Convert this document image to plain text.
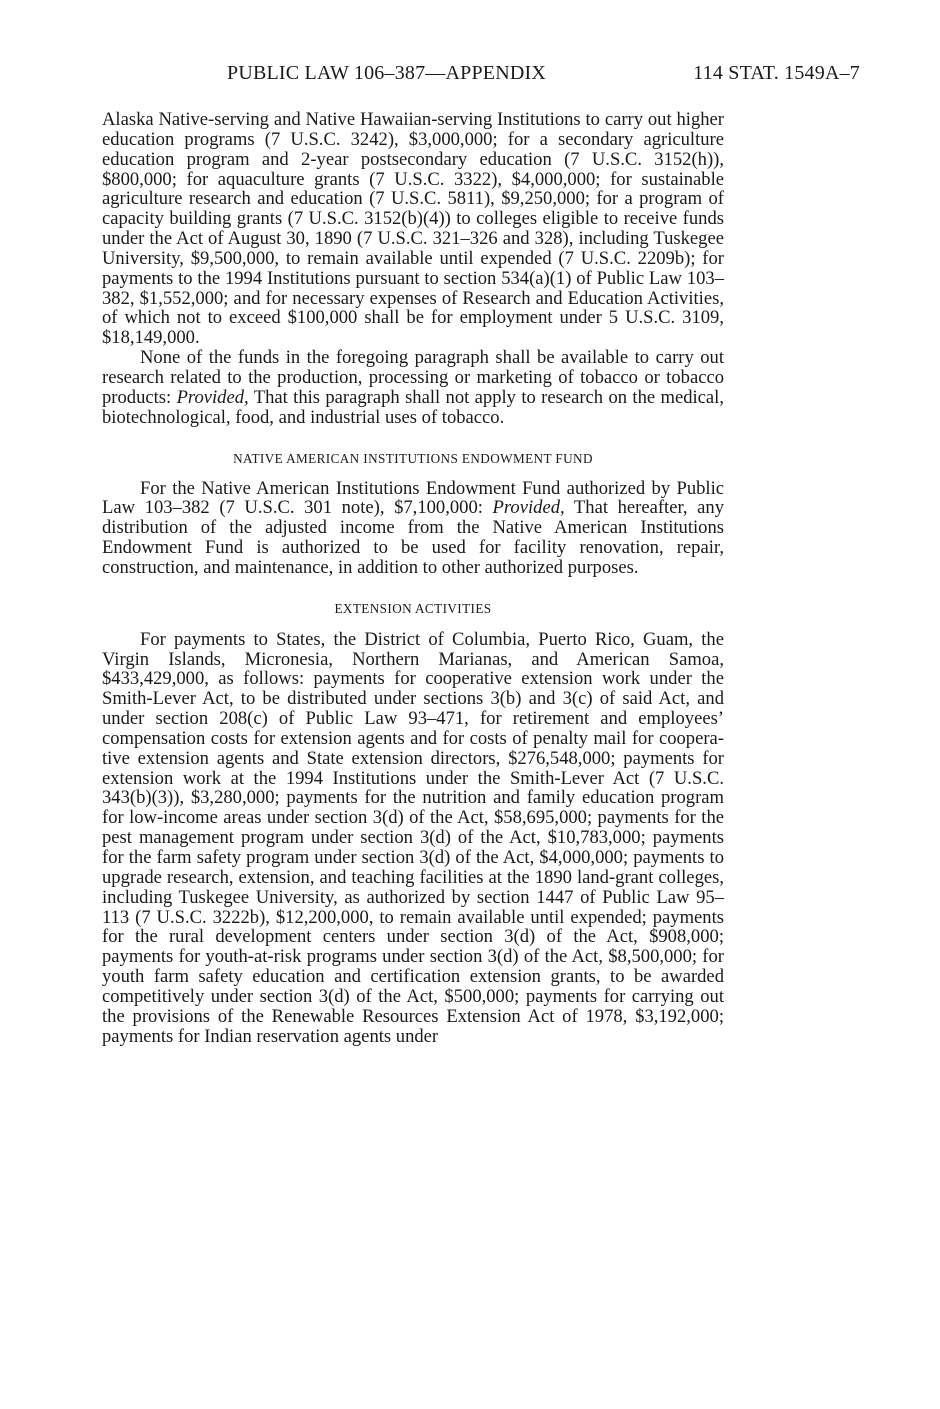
PUBLIC LAW 106–387—APPENDIX	114 STAT. 1549A–7

Alaska Native-serving and Native Hawaiian-serving Institutions to carry out higher education programs (7 U.S.C. 3242), $3,000,000; for a secondary agriculture education program and 2-year postsecondary education (7 U.S.C. 3152(h)), $800,000; for aquaculture grants (7 U.S.C. 3322), $4,000,000; for sustainable agriculture research and education (7 U.S.C. 5811), $9,250,000; for a program of capacity building grants (7 U.S.C. 3152(b)(4)) to colleges eligible to receive funds under the Act of August 30, 1890 (7 U.S.C. 321–326 and 328), including Tuskegee University, $9,500,000, to remain available until expended (7 U.S.C. 2209b); for payments to the 1994 Institutions pursuant to section 534(a)(1) of Public Law 103–382, $1,552,000; and for necessary expenses of Research and Education Activities, of which not to exceed $100,000 shall be for employment under 5 U.S.C. 3109, $18,149,000.

None of the funds in the foregoing paragraph shall be available to carry out research related to the production, processing or marketing of tobacco or tobacco products: Provided, That this paragraph shall not apply to research on the medical, biotechnological, food, and industrial uses of tobacco.

NATIVE AMERICAN INSTITUTIONS ENDOWMENT FUND

For the Native American Institutions Endowment Fund authorized by Public Law 103–382 (7 U.S.C. 301 note), $7,100,000: Provided, That hereafter, any distribution of the adjusted income from the Native American Institutions Endowment Fund is authorized to be used for facility renovation, repair, construction, and maintenance, in addition to other authorized purposes.

EXTENSION ACTIVITIES

For payments to States, the District of Columbia, Puerto Rico, Guam, the Virgin Islands, Micronesia, Northern Marianas, and American Samoa, $433,429,000, as follows: payments for cooperative extension work under the Smith-Lever Act, to be distributed under sections 3(b) and 3(c) of said Act, and under section 208(c) of Public Law 93–471, for retirement and employees’ compensation costs for extension agents and for costs of penalty mail for cooperative extension agents and State extension directors, $276,548,000; payments for extension work at the 1994 Institutions under the Smith-Lever Act (7 U.S.C. 343(b)(3)), $3,280,000; payments for the nutrition and family education program for low-income areas under section 3(d) of the Act, $58,695,000; payments for the pest management program under section 3(d) of the Act, $10,783,000; payments for the farm safety program under section 3(d) of the Act, $4,000,000; payments to upgrade research, extension, and teaching facilities at the 1890 land-grant colleges, including Tuskegee University, as authorized by section 1447 of Public Law 95–113 (7 U.S.C. 3222b), $12,200,000, to remain available until expended; payments for the rural development centers under section 3(d) of the Act, $908,000; payments for youth-at-risk programs under section 3(d) of the Act, $8,500,000; for youth farm safety education and certification extension grants, to be awarded competitively under section 3(d) of the Act, $500,000; payments for carrying out the provisions of the Renewable Resources Extension Act of 1978, $3,192,000; payments for Indian reservation agents under
